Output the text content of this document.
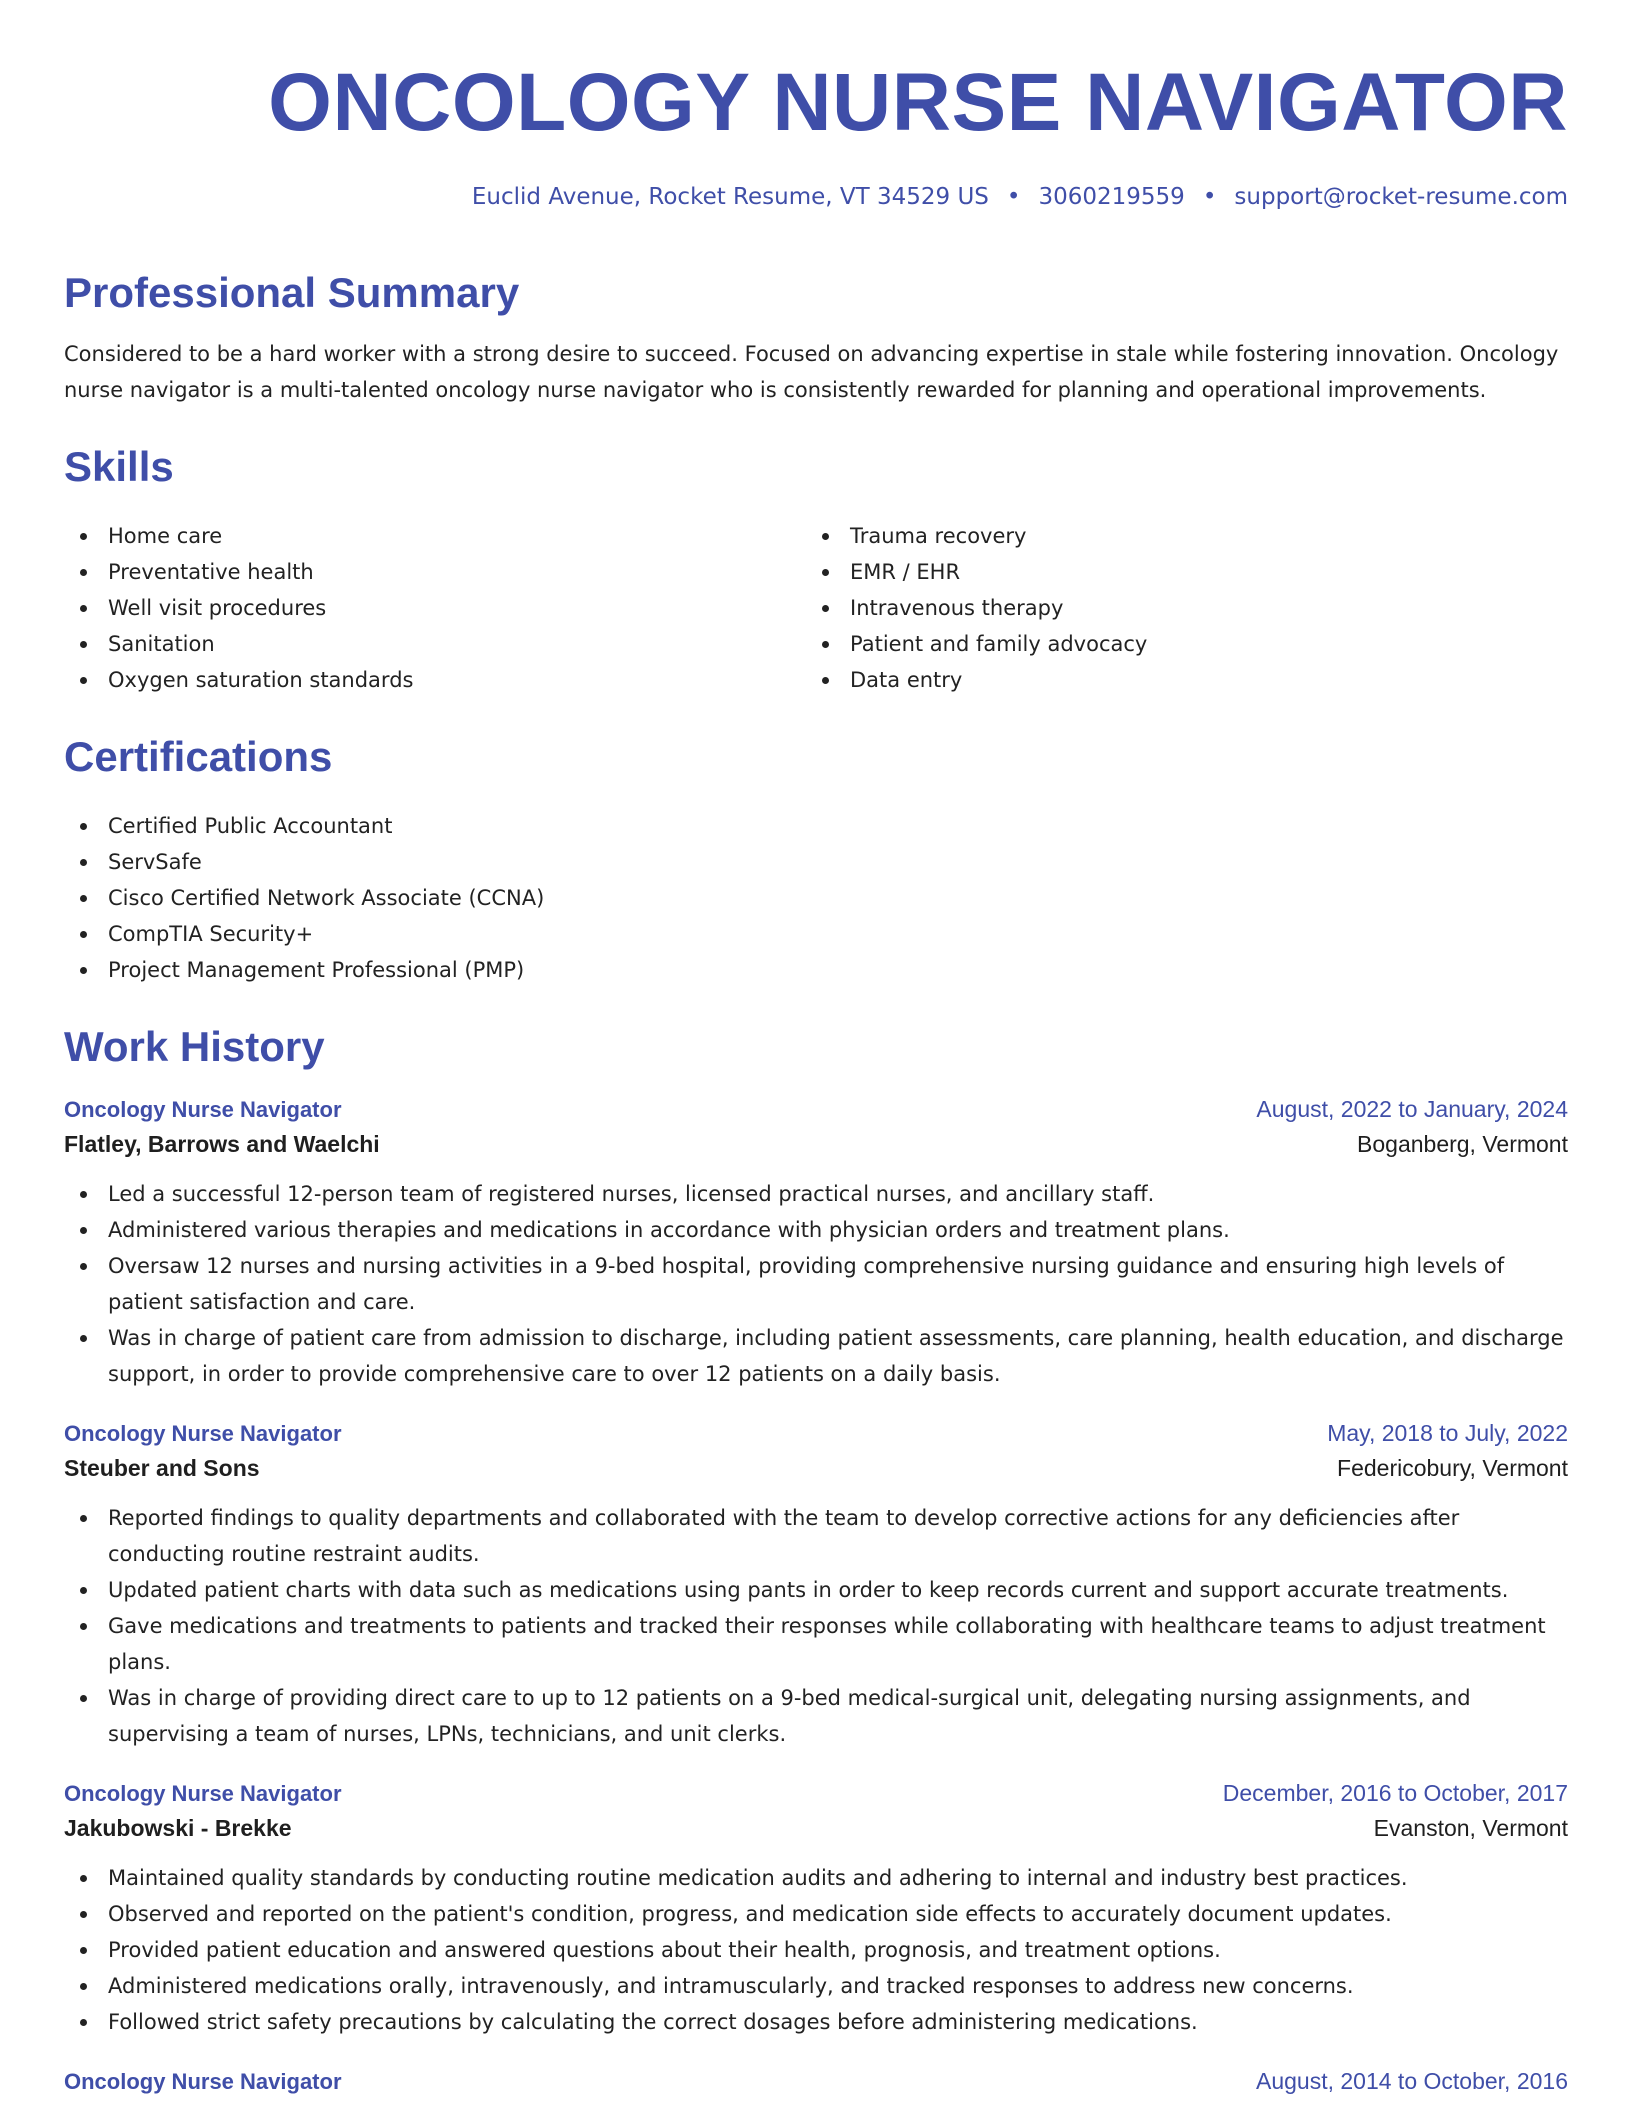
ONCOLOGY NURSE NAVIGATOR
Euclid Avenue, Rocket Resume, VT 34529 US • 3060219559 • support@rocket-resume.com
Professional Summary

Considered to be a hard worker with a strong desire to succeed. Focused on advancing expertise in stale while fostering innovation. Oncology nurse navigator is a multi-talented oncology nurse navigator who is consistently rewarded for planning and operational improvements.

Skills
Home care
Preventative health
Well visit procedures
Sanitation
Oxygen saturation standards
Trauma recovery
EMR / EHR
Intravenous therapy
Patient and family advocacy
Data entry
Certifications
Certified Public Accountant
ServSafe
Cisco Certified Network Associate (CCNA)
CompTIA Security+
Project Management Professional (PMP)
Work History
Oncology Nurse Navigator	August, 2022 to January, 2024
Flatley, Barrows and Waelchi	Boganberg, Vermont
Led a successful 12-person team of registered nurses, licensed practical nurses, and ancillary staff.
Administered various therapies and medications in accordance with physician orders and treatment plans.
Oversaw 12 nurses and nursing activities in a 9-bed hospital, providing comprehensive nursing guidance and ensuring high levels of patient satisfaction and care.
Was in charge of patient care from admission to discharge, including patient assessments, care planning, health education, and discharge support, in order to provide comprehensive care to over 12 patients on a daily basis.
Oncology Nurse Navigator	May, 2018 to July, 2022
Steuber and Sons	Federicobury, Vermont
Reported findings to quality departments and collaborated with the team to develop corrective actions for any deficiencies after conducting routine restraint audits.
Updated patient charts with data such as medications using pants in order to keep records current and support accurate treatments.
Gave medications and treatments to patients and tracked their responses while collaborating with healthcare teams to adjust treatment plans.
Was in charge of providing direct care to up to 12 patients on a 9-bed medical-surgical unit, delegating nursing assignments, and supervising a team of nurses, LPNs, technicians, and unit clerks.
Oncology Nurse Navigator	December, 2016 to October, 2017
Jakubowski - Brekke	Evanston, Vermont
Maintained quality standards by conducting routine medication audits and adhering to internal and industry best practices.
Observed and reported on the patient's condition, progress, and medication side effects to accurately document updates.
Provided patient education and answered questions about their health, prognosis, and treatment options.
Administered medications orally, intravenously, and intramuscularly, and tracked responses to address new concerns.
Followed strict safety precautions by calculating the correct dosages before administering medications.
Oncology Nurse Navigator	August, 2014 to October, 2016
